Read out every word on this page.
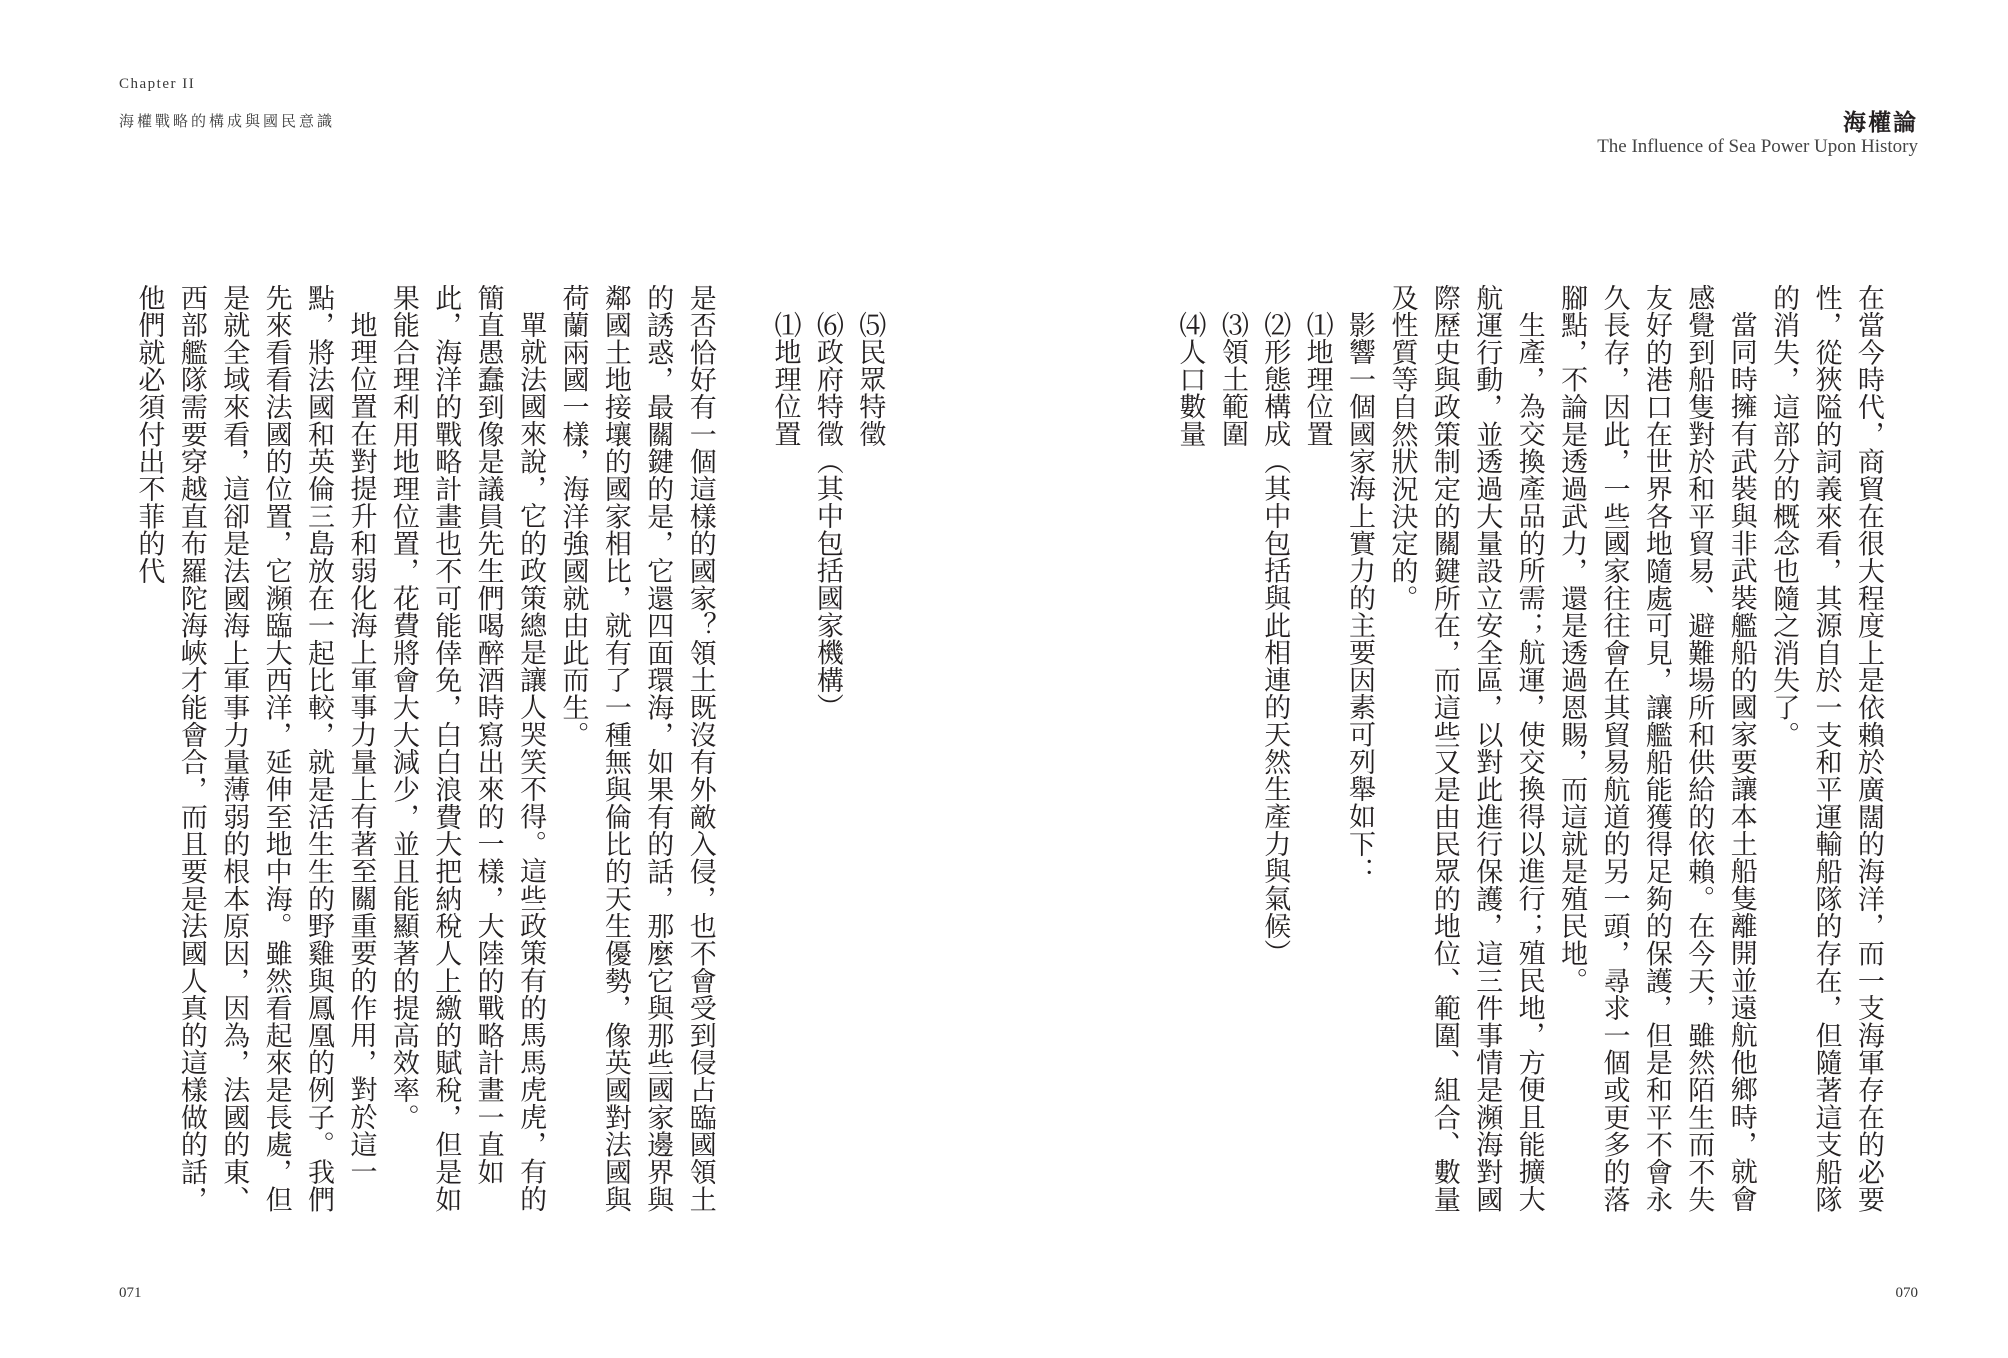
Chapter II
海權戰略的構成與國民意識	海權論
The Influence of Sea Power Upon History

在當今時代，商貿在很大程度上是依賴於廣闊的海洋，而一支海軍存在的必要性，從狹隘的詞義來看，其源自於一支和平運輸船隊的存在，但隨著這支船隊的消失，這部分的概念也隨之消失了。

當同時擁有武裝與非武裝艦船的國家要讓本土船隻離開並遠航他鄉時，就會感覺到船隻對於和平貿易、避難場所和供給的依賴。在今天，雖然陌生而不失友好的港口在世界各地隨處可見，讓艦船能獲得足夠的保護，但是和平不會永久長存，因此，一些國家往往會在其貿易航道的另一頭，尋求一個或更多的落腳點，不論是透過武力，還是透過恩賜，而這就是殖民地。

生產，為交換產品的所需；航運，使交換得以進行；殖民地，方便且能擴大航運行動，並透過大量設立安全區，以對此進行保護，這三件事情是瀕海對國際歷史與政策制定的關鍵所在，而這些又是由民眾的地位、範圍、組合、數量及性質等自然狀況決定的。

影響一個國家海上實力的主要因素可列舉如下：

⑴地理位置

⑵形態構成（其中包括與此相連的天然生產力與氣候）

⑶領土範圍

⑷人口數量

⑸民眾特徵

⑹政府特徵（其中包括國家機構）

⑴地理位置

是否恰好有一個這樣的國家？領土既沒有外敵入侵，也不會受到侵占臨國領土的誘惑，最關鍵的是，它還四面環海，如果有的話，那麼它與那些國家邊界與鄰國土地接壤的國家相比，就有了一種無與倫比的天生優勢，像英國對法國與荷蘭兩國一樣，海洋強國就由此而生。

單就法國來說，它的政策總是讓人哭笑不得。這些政策有的馬馬虎虎，有的簡直愚蠢到像是議員先生們喝醉酒時寫出來的一樣，大陸的戰略計畫一直如此，海洋的戰略計畫也不可能倖免，白白浪費大把納稅人上繳的賦稅，但是如果能合理利用地理位置，花費將會大大減少，並且能顯著的提高效率。

地理位置在對提升和弱化海上軍事力量上有著至關重要的作用，對於這一點，將法國和英倫三島放在一起比較，就是活生生的野雞與鳳凰的例子。我們先來看看法國的位置，它瀕臨大西洋，延伸至地中海。雖然看起來是長處，但是就全域來看，這卻是法國海上軍事力量薄弱的根本原因，因為，法國的東、西部艦隊需要穿越直布羅陀海峽才能會合，而且要是法國人真的這樣做的話，他們就必須付出不菲的代

071	070
